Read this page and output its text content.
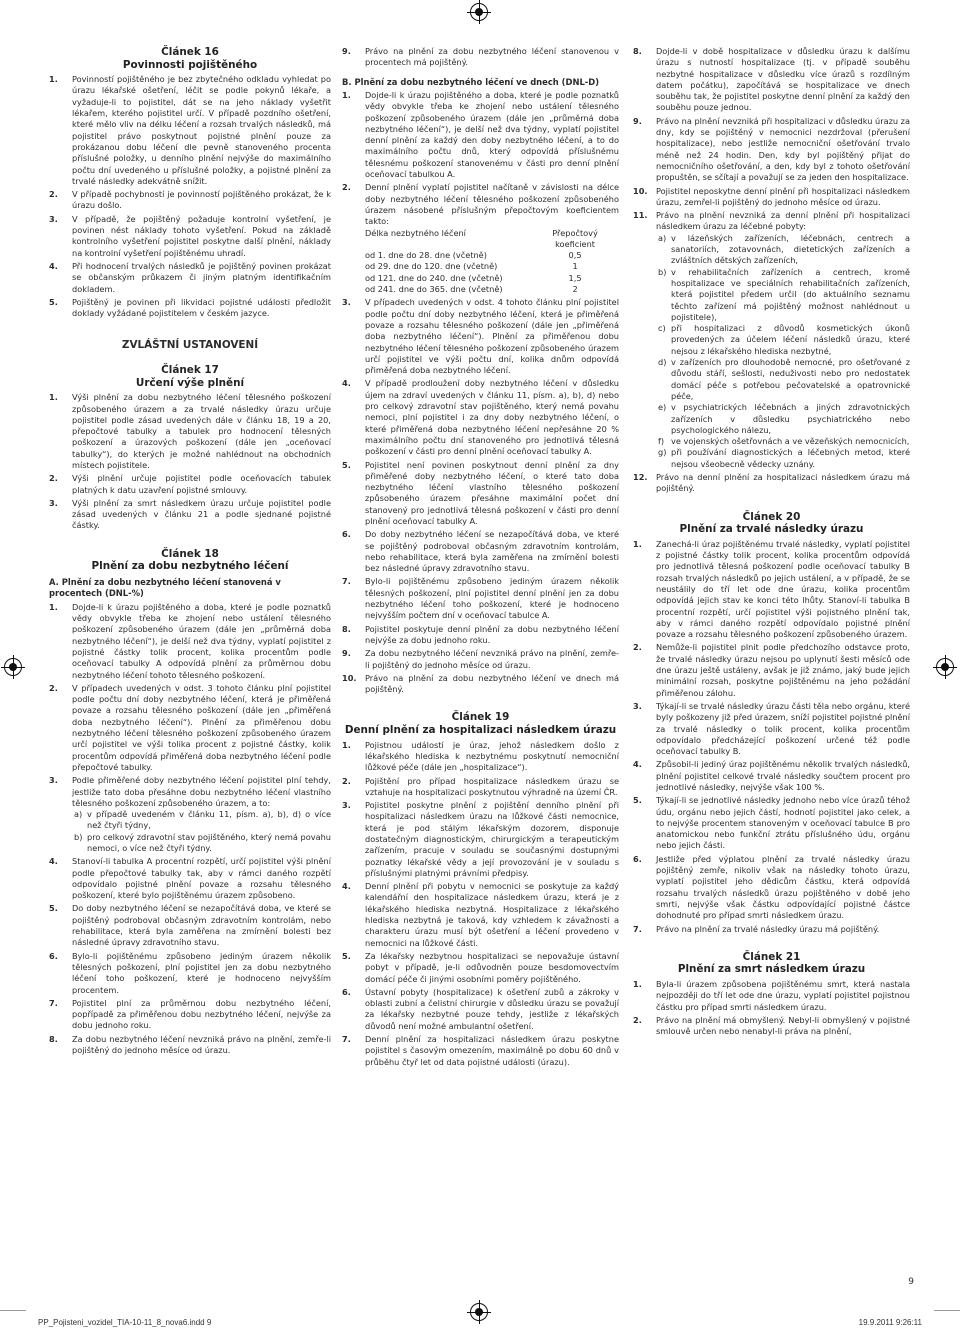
Článek 16
Povinnosti pojištěného
1. Povinností pojištěného je bez zbytečného odkladu vyhledat po úrazu lékařské ošetření, léčit se podle pokynů lékaře, a vyžaduje-li to pojistitel, dát se na jeho náklady vyšetřit lékařem, kterého pojistitel určí. V případě pozdního ošetření, které mělo vliv na délku léčení a rozsah trvalých následků, má pojistitel právo poskytnout pojistné plnění pouze za prokázanou dobu léčení dle pevně stanoveného procenta příslušné položky, u denního plnění nejvýše do maximálního počtu dní uvedeného u příslušné položky, a pojistné plnění za trvalé následky adekvátně snížit.
2. V případě pochybností je povinností pojištěného prokázat, že k úrazu došlo.
3. V případě, že pojištěný požaduje kontrolní vyšetření, je povinen nést náklady tohoto vyšetření. Pokud na základě kontrolního vyšetření pojistitel poskytne další plnění, náklady na kontrolní vyšetření pojištěnému uhradí.
4. Při hodnocení trvalých následků je pojištěný povinen prokázat se občanským průkazem či jiným platným identifikačním dokladem.
5. Pojištěný je povinen při likvidaci pojistné události předložit doklady vyžádané pojistitelem v českém jazyce.
ZVLÁŠTNÍ USTANOVENÍ
Článek 17
Určení výše plnění
1. Výši plnění za dobu nezbytného léčení tělesného poškození způsobeného úrazem a za trvalé následky úrazu určuje pojistitel podle zásad uvedených dále v článku 18, 19 a 20, přepočtové tabulky a tabulek pro hodnocení tělesných poškození a úrazových poškození (dále jen „oceňovací tabulky“), do kterých je možné nahlédnout na obchodních místech pojistitele.
2. Výši plnění určuje pojistitel podle oceňovacích tabulek platných k datu uzavření pojistné smlouvy.
3. Výši plnění za smrt následkem úrazu určuje pojistitel podle zásad uvedených v článku 21 a podle sjednané pojistné částky.
Článek 18
Plnění za dobu nezbytného léčení
A. Plnění za dobu nezbytného léčení stanovená v procentech (DNL-%)
1. Dojde-li k úrazu pojištěného a doba, které je podle poznatků vědy obvykle třeba ke zhojení nebo ustálení tělesného poškození způsobeného úrazem (dále jen „průměrná doba nezbytného léčení“), je delší než dva týdny, vyplatí pojistitel z pojistné částky tolik procent, kolika procentům podle oceňovací tabulky A odpovídá plnění za průměrnou dobu nezbytného léčení tohoto tělesného poškození.
2. V případech uvedených v odst. 3 tohoto článku plní pojistitel podle počtu dní doby nezbytného léčení, která je přiměřená povaze a rozsahu tělesného poškození (dále jen „přiměřená doba nezbytného léčení“). Plnění za přiměřenou dobu nezbytného léčení tělesného poškození způsobeného úrazem určí pojistitel ve výši tolika procent z pojistné částky, kolik procentům odpovídá přiměřená doba nezbytného léčení podle přepočtové tabulky.
3. Podle přiměřené doby nezbytného léčení pojistitel plní tehdy, jestliže tato doba přesáhne dobu nezbytného léčení vlastního tělesného poškození způsobeného úrazem, a to:
a) v případě uvedeném v článku 11, písm. a), b), d) o více než čtyři týdny,
b) pro celkový zdravotní stav pojištěného, který nemá povahu nemoci, o více než čtyři týdny.
4. Stanoví-li tabulka A procentní rozpětí, určí pojistitel výši plnění podle přepočtové tabulky tak, aby v rámci daného rozpětí odpovídalo pojistné plnění povaze a rozsahu tělesného poškození, které bylo pojištěnému úrazem způsobeno.
5. Do doby nezbytného léčení se nezapočítává doba, ve které se pojištěný podroboval občasným zdravotním kontrolám, nebo rehabilitace, která byla zaměřena na zmírnění bolesti bez následné úpravy zdravotního stavu.
6. Bylo-li pojištěnému způsobeno jediným úrazem několik tělesných poškození, plní pojistitel jen za dobu nezbytného léčení toho poškození, které je hodnoceno nejvyšším procentem.
7. Pojistitel plní za průměrnou dobu nezbytného léčení, popřípadě za přiměřenou dobu nezbytného léčení, nejvýše za dobu jednoho roku.
8. Za dobu nezbytného léčení nevzniká právo na plnění, zemře-li pojištěný do jednoho měsíce od úrazu.
9. Právo na plnění za dobu nezbytného léčení stanovenou v procentech má pojištěný.
B. Plnění za dobu nezbytného léčení ve dnech (DNL-D)
1. Dojde-li k úrazu pojištěného a doba, které je podle poznatků vědy obvykle třeba ke zhojení nebo ustálení tělesného poškození způsobeného úrazem (dále jen „průměrná doba nezbytného léčení“), je delší než dva týdny, vyplatí pojistitel denní plnění za každý den doby nezbytného léčení, a to do maximálního počtu dnů, který odpovídá příslušnému tělesnému poškození stanovenému v části pro denní plnění oceňovací tabulkou A.
2. Denní plnění vyplatí pojistitel načítaně v závislosti na délce doby nezbytného léčení tělesného poškození způsobeného úrazem násobené příslušným přepočtovým koeficientem takto:
Délka nezbytného léčení	Přepočtový koeficient
od 1. dne do 28. dne (včetně)	0,5
od 29. dne do 120. dne (včetně)	1
od 121. dne do 240. dne (včetně)	1,5
od 241. dne do 365. dne (včetně)	2
3. V případech uvedených v odst. 4 tohoto článku plní pojistitel podle počtu dní doby nezbytného léčení, která je přiměřená povaze a rozsahu tělesného poškození (dále jen „přiměřená doba nezbytného léčení“). Plnění za přiměřenou dobu nezbytného léčení tělesného poškození způsobeného úrazem určí pojistitel ve výši počtu dní, kolika dnům odpovídá přiměřená doba nezbytného léčení.
4. V případě prodloužení doby nezbytného léčení v důsledku újem na zdraví uvedených v článku 11, písm. a), b), d) nebo pro celkový zdravotní stav pojištěného, který nemá povahu nemoci, plní pojistitel i za dny doby nezbytného léčení, o které přiměřená doba nezbytného léčení nepřesáhne 20 % maximálního počtu dní stanoveného pro jednotlivá tělesná poškození v části pro denní plnění oceňovací tabulky A.
5. Pojistitel není povinen poskytnout denní plnění za dny přiměřené doby nezbytného léčení, o které tato doba nezbytného léčení vlastního tělesného poškození způsobeného úrazem přesáhne maximální počet dní stanovený pro jednotlivá tělesná poškození v části pro denní plnění oceňovací tabulky A.
6. Do doby nezbytného léčení se nezapočítává doba, ve které se pojištěný podroboval občasným zdravotním kontrolám, nebo rehabilitace, která byla zaměřena na zmírnění bolesti bez následné úpravy zdravotního stavu.
7. Bylo-li pojištěnému způsobeno jediným úrazem několik tělesných poškození, plní pojistitel denní plnění jen za dobu nezbytného léčení toho poškození, které je hodnoceno nejvyšším počtem dní v oceňovací tabulce A.
8. Pojistitel poskytuje denní plnění za dobu nezbytného léčení nejvýše za dobu jednoho roku.
9. Za dobu nezbytného léčení nevzniká právo na plnění, zemře-li pojištěný do jednoho měsíce od úrazu.
10. Právo na plnění za dobu nezbytného léčení ve dnech má pojištěný.
Článek 19
Denní plnění za hospitalizaci následkem úrazu
1. Pojistnou událostí je úraz, jehož následkem došlo z lékařského hlediska k nezbytnému poskytnutí nemocniční lůžkové péče (dále jen „hospitalizace“).
2. Pojištění pro případ hospitalizace následkem úrazu se vztahuje na hospitalizaci poskytnutou výhradně na území ČR.
3. Pojistitel poskytne plnění z pojištění denního plnění při hospitalizaci následkem úrazu na lůžkové části nemocnice, která je pod stálým lékařským dozorem, disponuje dostatečným diagnostickým, chirurgickým a terapeutickým zařízením, pracuje v souladu se současnými dostupnými poznatky lékařské vědy a její provozování je v souladu s příslušnými platnými právními předpisy.
4. Denní plnění při pobytu v nemocnici se poskytuje za každý kalendářní den hospitalizace následkem úrazu, která je z lékařského hlediska nezbytná. Hospitalizace z lékařského hlediska nezbytná je taková, kdy vzhledem k závažnosti a charakteru úrazu musí být ošetření a léčení provedeno v nemocnici na lůžkové části.
5. Za lékařsky nezbytnou hospitalizaci se nepovažuje ústavní pobyt v případě, je-li odůvodněn pouze besdomovectvím domácí péče či jinými osobními poměry pojištěného.
6. Ústavní pobyty (hospitalizace) k ošetření zubů a zákroky v oblasti zubní a čelistní chirurgie v důsledku úrazu se považují za lékařsky nezbytné pouze tehdy, jestliže z lékařských důvodů není možné ambulantní ošetření.
7. Denní plnění za hospitalizaci následkem úrazu poskytne pojistitel s časovým omezením, maximálně po dobu 60 dnů v průběhu čtyř let od data pojistné události (úrazu).
8. Dojde-li v době hospitalizace v důsledku úrazu k dalšímu úrazu s nutností hospitalizace (tj. v případě souběhu nezbytné hospitalizace v důsledku více úrazů s rozdílným datem počátku), započítává se hospitalizace ve dnech souběhu tak, že pojistitel poskytne denní plnění za každý den souběhu pouze jednou.
9. Právo na plnění nevzniká při hospitalizaci v důsledku úrazu za dny, kdy se pojištěný v nemocnici nezdržoval (přerušení hospitalizace), nebo jestliže nemocniční ošetřování trvalo méně než 24 hodin. Den, kdy byl pojištěný přijat do nemocničního ošetřování, a den, kdy byl z tohoto ošetřování propuštěn, se sčítají a považují se za jeden den hospitalizace.
10. Pojistitel neposkytne denní plnění při hospitalizaci následkem úrazu, zemřel-li pojištěný do jednoho měsíce od úrazu.
11. Právo na plnění nevzniká za denní plnění při hospitalizaci následkem úrazu za léčebné pobyty:
a) v lázeňských zařízeních, léčebnách, centrech a sanatoriích, zotavovnách, dietetických zařízeních a zvláštních dětských zařízeních,
b) v rehabilitačních zařízeních a centrech, kromě hospitalizace ve speciálních rehabilitačních zařízeních, která pojistitel předem určil (do aktuálního seznamu těchto zařízení má pojištěný možnost nahlédnout u pojistitele),
c) při hospitalizaci z důvodů kosmetických úkonů provedených za účelem léčení následků úrazu, které nejsou z lékařského hlediska nezbytné,
d) v zařízeních pro dlouhodobě nemocné, pro ošetřované z důvodu stáří, sešlosti, neduživosti nebo pro nedostatek domácí péče s potřebou pečovatelské a opatrovnické péče,
e) v psychiatrických léčebnách a jiných zdravotnických zařízeních v důsledku psychiatrického nebo psychologického nálezu,
f) ve vojenských ošetřovnách a ve vězeňských nemocnicích,
g) při používání diagnostických a léčebných metod, které nejsou všeobecně vědecky uznány.
12. Právo na denní plnění za hospitalizaci následkem úrazu má pojištěný.
Článek 20
Plnění za trvalé následky úrazu
1. Zanechá-li úraz pojištěnému trvalé následky, vyplatí pojistitel z pojistné částky tolik procent, kolika procentům odpovídá pro jednotlivá tělesná poškození podle oceňovací tabulky B rozsah trvalých následků po jejich ustálení, a v případě, že se neustálily do tří let ode dne úrazu, kolika procentům odpovídá jejich stav ke konci této lhůty. Stanoví-li tabulka B procentní rozpětí, určí pojistitel výši pojistného plnění tak, aby v rámci daného rozpětí odpovídalo pojistné plnění povaze a rozsahu tělesného poškození způsobeného úrazem.
2. Nemůže-li pojistitel plnit podle předchozího odstavce proto, že trvalé následky úrazu nejsou po uplynutí šesti měsíců ode dne úrazu ještě ustáleny, avšak je již známo, jaký bude jejich minimální rozsah, poskytne pojištěnému na jeho požádání přiměřenou zálohu.
3. Týkají-li se trvalé následky úrazu části těla nebo orgánu, které byly poškozeny již před úrazem, sníží pojistitel pojistné plnění za trvalé následky o tolik procent, kolika procentům odpovídalo předcházející poškození určené též podle oceňovací tabulky B.
4. Způsobil-li jediný úraz pojištěnému několik trvalých následků, plnění pojistitel celkové trvalé následky součtem procent pro jednotlivé následky, nejvýše však 100 %.
5. Týkají-li se jednotlivé následky jednoho nebo více úrazů téhož údu, orgánu nebo jejich částí, hodnotí pojistitel jako celek, a to nejvýše procentem stanoveným v oceňovací tabulce B pro anatomickou nebo funkční ztrátu příslušného údu, orgánu nebo jejich části.
6. Jestliže před výplatou plnění za trvalé následky úrazu pojištěný zemře, nikoliv však na následky tohoto úrazu, vyplatí pojistitel jeho dědicům částku, která odpovídá rozsahu trvalých následků úrazu pojištěného v době jeho smrti, nejvýše však částku odpovídající pojistné částce dohodnuté pro případ smrti následkem úrazu.
7. Právo na plnění za trvalé následky úrazu má pojištěný.
Článek 21
Plnění za smrt následkem úrazu
1. Byla-li úrazem způsobena pojištěnému smrt, která nastala nejpozději do tří let ode dne úrazu, vyplatí pojistitel pojistnou částku pro případ smrti následkem úrazu.
2. Právo na plnění má obmyšlený. Nebyl-li obmyšlený v pojistné smlouvě určen nebo nenabyl-li práva na plnění,
9
PP_Pojisteni_vozidel_TIA-10-11_8_nova6.indd 9	19.9.2011 9:26:11
